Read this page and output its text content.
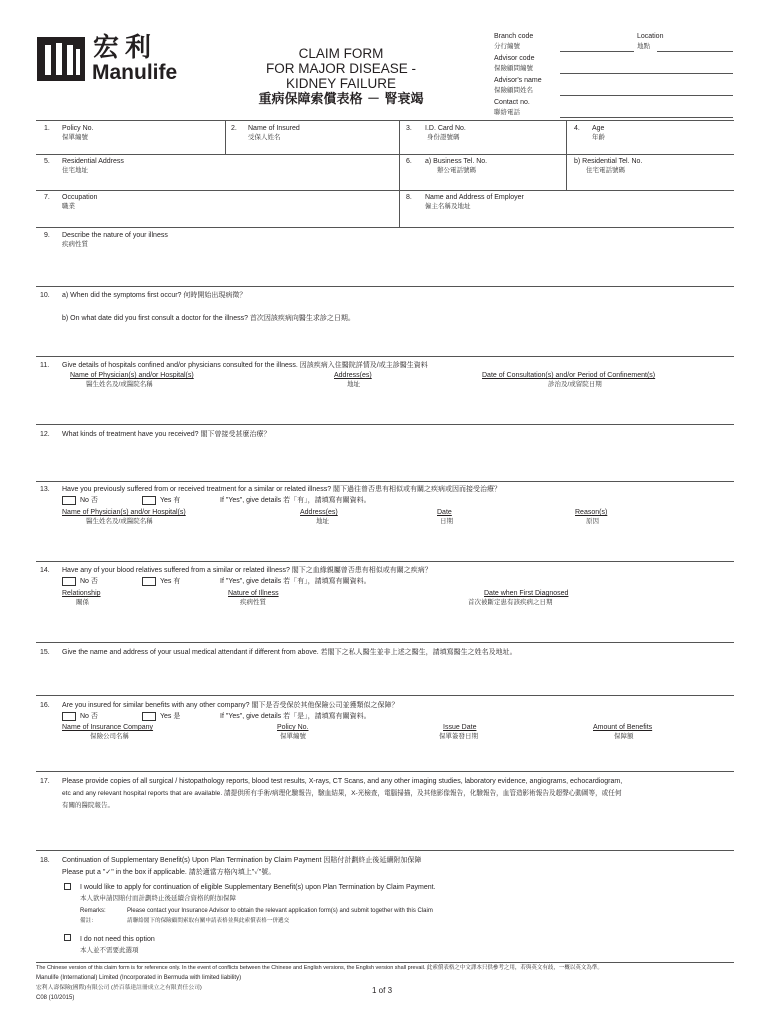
宏利
Manulife
CLAIM FORM
FOR MAJOR DISEASE -
KIDNEY FAILURE
重病保障索償表格 － 腎衰竭
Branch code
分行編號
Location
地點
Advisor code
保險顧問編號
Advisor's name
保險顧問姓名
Contact no.
聯絡電話
1. Policy No.
保單編號
2. Name of Insured
受保人姓名
3. I.D. Card No.
身份證號碼
4. Age
年齡
5. Residential Address
住宅地址
6. a) Business Tel. No.
辦公電話號碼
b) Residential Tel. No.
住宅電話號碼
7. Occupation
職業
8. Name and Address of Employer
僱主名稱及地址
9. Describe the nature of your illness
疾病性質
10. a) When did the symptoms first occur? 何時開始出現病徵？
b) On what date did you first consult a doctor for the illness? 首次因該疾病向醫生求診之日期。
11. Give details of hospitals confined and/or physicians consulted for the illness. 因該疾病入住醫院詳情及/或主診醫生資料
Name of Physician(s) and/or Hospital(s)
醫生姓名及/或醫院名稱
Address(es)
地址
Date of Consultation(s) and/or Period of Confinement(s)
診治及/或留院日期
12. What kinds of treatment have you received? 閣下曾接受甚麼治療？
13. Have you previously suffered from or received treatment for a similar or related illness? 閣下過往曾否患有相似或有關之疾病或因而接受治療？
No 否	Yes 有	If "Yes", give details 若「有」，請填寫有關資料。
Name of Physician(s) and/or Hospital(s)
醫生姓名及/或醫院名稱
Address(es)
地址
Date
日期
Reason(s)
原因
14. Have any of your blood relatives suffered from a similar or related illness? 閣下之血緣親屬曾否患有相似或有關之疾病？
No 否	Yes 有	If "Yes", give details 若「有」，請填寫有關資料。
Relationship
關係
Nature of Illness
疾病性質
Date when First Diagnosed
首次被斷定患有該疾病之日期
15. Give the name and address of your usual medical attendant if different from above. 若閣下之私人醫生並非上述之醫生，請填寫醫生之姓名及地址。
16. Are you insured for similar benefits with any other company? 閣下是否受保於其他保險公司並獲類似之保障？
No 否	Yes 是	If "Yes", give details 若「是」，請填寫有關資料。
Name of Insurance Company
保險公司名稱
Policy No.
保單編號
Issue Date
保單簽發日期
Amount of Benefits
保障額
17. Please provide copies of all surgical / histopathology reports, blood test results, X-rays, CT Scans, and any other imaging studies, laboratory evidence, angiograms, echocardiogram,
etc and any relevant hospital reports that are available. 請提供所有手術/病理化驗報告，驗血結果，X-光檢查，電腦掃描，及其他影像報告，化驗報告，血管造影術報告及超聲心動圖等，或任何
有關的醫院報告。
18. Continuation of Supplementary Benefit(s) Upon Plan Termination by Claim Payment 因賠付計劃終止後延續附加保障
Please put a "✓" in the box if applicable. 請於適當方格內填上"✓"號。
I would like to apply for continuation of eligible Supplementary Benefit(s) upon Plan Termination by Claim Payment.
本人欲申請因賠付而計劃終止後延續合資格的附加保障
Remarks:	Please contact your Insurance Advisor to obtain the relevant application form(s) and submit together with this Claim
備註：	請聯絡閣下的保險顧問索取有關申請表格並與此索償表格一併遞交
I do not need this option
本人並不需要此選項
The Chinese version of this claim form is for reference only. In the event of conflicts between the Chinese and English versions, the English version shall prevail. 此索償表格之中文譯本只供參考之用，若與英文有歧，一概以英文為準。
Manulife (International) Limited (Incorporated in Bermuda with limited liability)
宏利人壽保險(國際)有限公司 (於百慕達註冊成立之有限責任公司)
C08 (10/2015)
1 of 3
